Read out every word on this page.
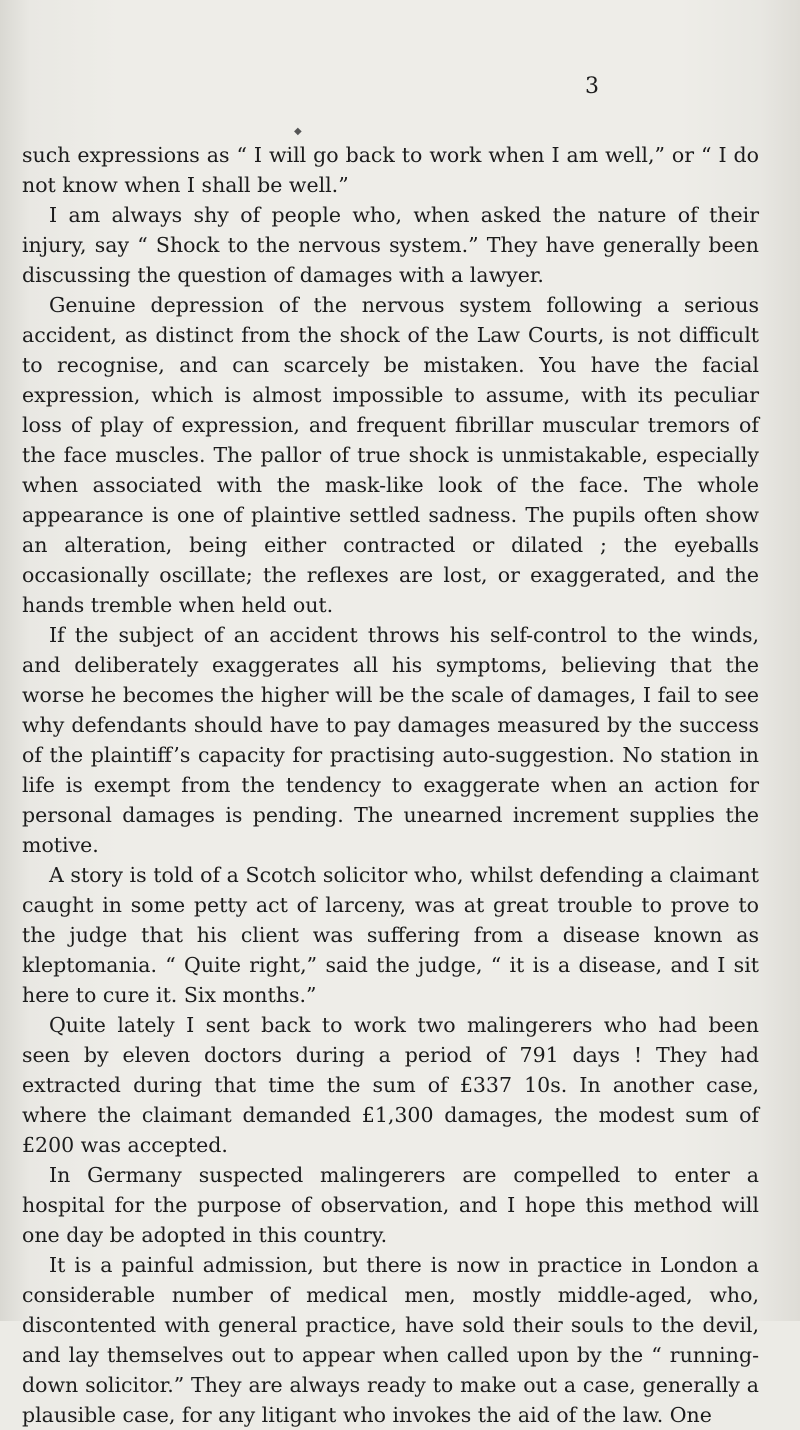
3
◆

such expressions as “ I will go back to work when I am well,” or “ I do not know when I shall be well.”

I am always shy of people who, when asked the nature of their injury, say “ Shock to the nervous system.” They have generally been discussing the question of damages with a lawyer.

Genuine depression of the nervous system following a serious accident, as distinct from the shock of the Law Courts, is not difficult to recognise, and can scarcely be mistaken. You have the facial expression, which is almost impossible to assume, with its peculiar loss of play of expression, and frequent fibrillar muscular tremors of the face muscles. The pallor of true shock is unmistakable, especially when associated with the mask-like look of the face. The whole appearance is one of plaintive settled sadness. The pupils often show an alteration, being either contracted or dilated ; the eyeballs occasionally oscillate; the reflexes are lost, or exaggerated, and the hands tremble when held out.

If the subject of an accident throws his self-control to the winds, and deliberately exaggerates all his symptoms, believing that the worse he becomes the higher will be the scale of damages, I fail to see why defendants should have to pay damages measured by the success of the plaintiff’s capacity for practising auto-suggestion. No station in life is exempt from the tendency to exaggerate when an action for personal damages is pending. The unearned increment supplies the motive.

A story is told of a Scotch solicitor who, whilst defending a claimant caught in some petty act of larceny, was at great trouble to prove to the judge that his client was suffering from a disease known as kleptomania. “ Quite right,” said the judge, “ it is a disease, and I sit here to cure it. Six months.”

Quite lately I sent back to work two malingerers who had been seen by eleven doctors during a period of 791 days ! They had extracted during that time the sum of £337 10s. In another case, where the claimant demanded £1,300 damages, the modest sum of £200 was accepted.

In Germany suspected malingerers are compelled to enter a hospital for the purpose of observation, and I hope this method will one day be adopted in this country.

It is a painful admission, but there is now in practice in London a considerable number of medical men, mostly middle-aged, who, discontented with general practice, have sold their souls to the devil, and lay themselves out to appear when called upon by the “ running-down solicitor.” They are always ready to make out a case, generally a plausible case, for any litigant who invokes the aid of the law. One
